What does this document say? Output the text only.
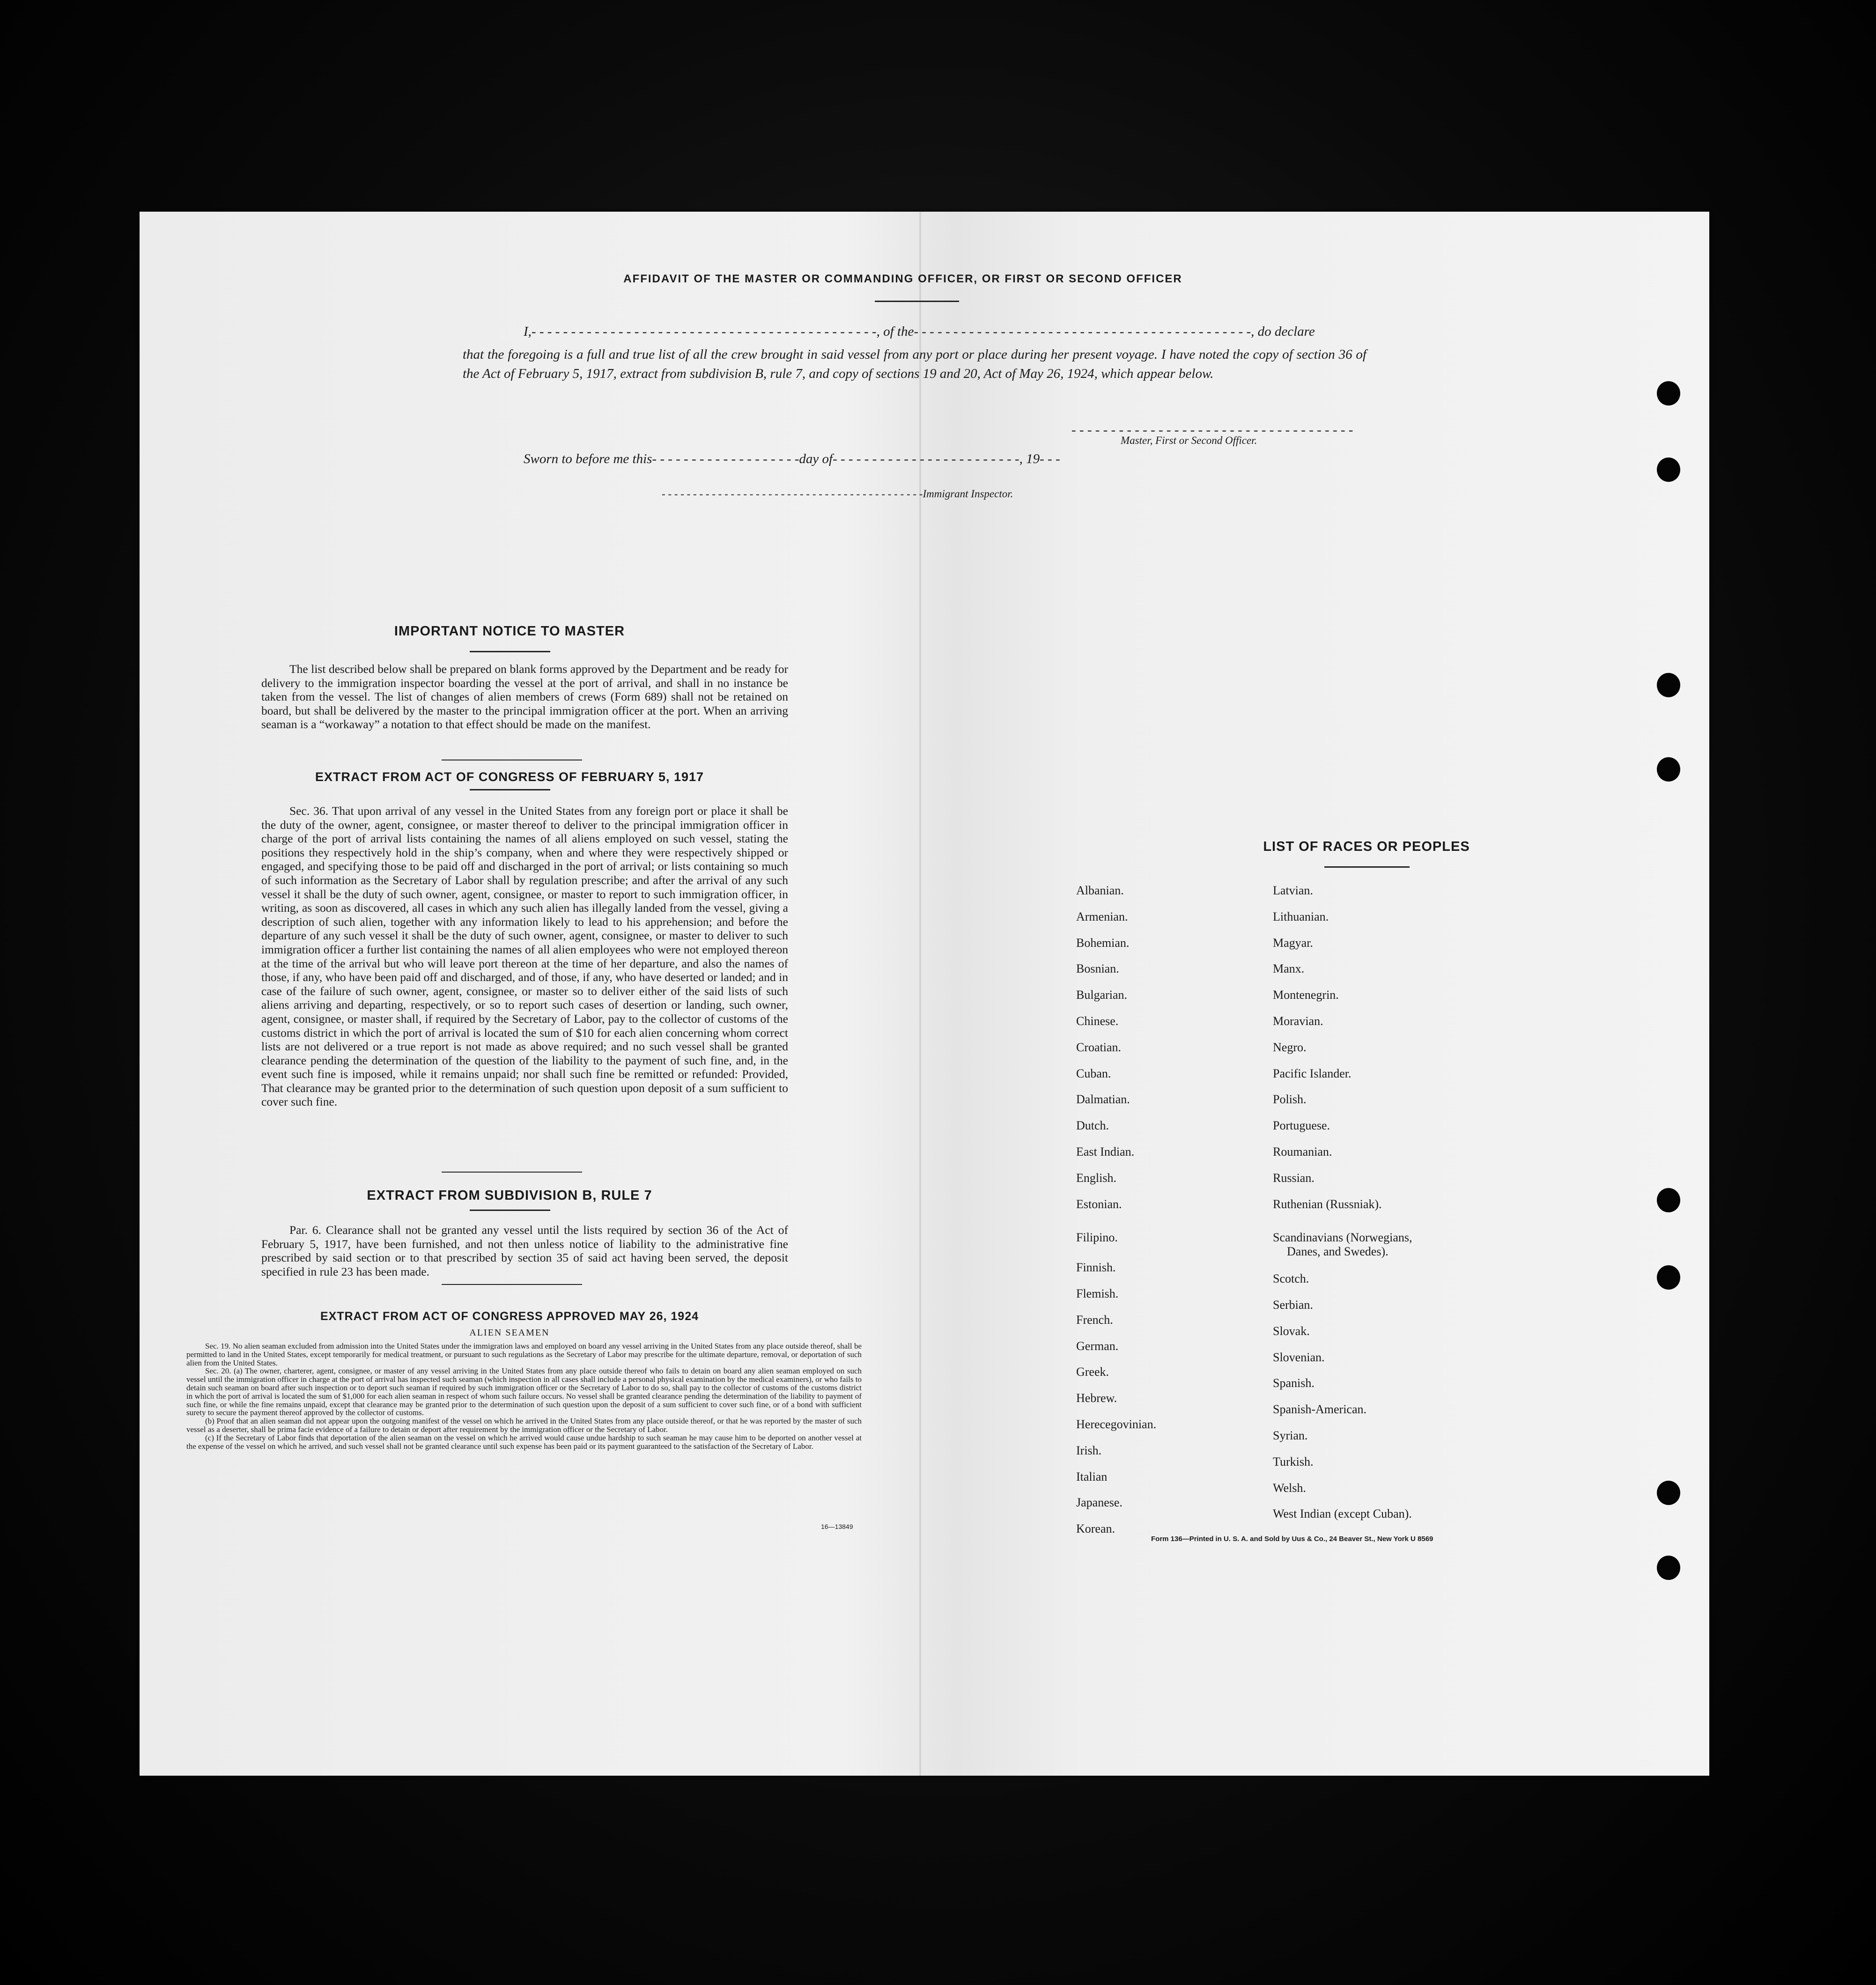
AFFIDAVIT OF THE MASTER OR COMMANDING OFFICER, OR FIRST OR SECOND OFFICER
I,- - - - - - - - - - - - - - - - - - - - - - - - - - - - - - - - - - - - - - - - - - - -, of the- - - - - - - - - - - - - - - - - - - - - - - - - - - - - - - - - - - - - - - - - - -, do declare
that the foregoing is a full and true list of all the crew brought in said vessel from any port or place during her present voyage. I have noted the copy of section 36 of the Act of February 5, 1917, extract from subdivision B, rule 7, and copy of sections 19 and 20, Act of May 26, 1924, which appear below.
- - - - - - - - - - - - - - - - - - - - - - - - - - - - - - - - - - - -
Master, First or Second Officer.
Sworn to before me this- - - - - - - - - - - - - - - - - - -day of- - - - - - - - - - - - - - - - - - - - - - - -, 19- - -
- - - - - - - - - - - - - - - - - - - - - - - - - - - - - - - - - - - - - - - - - -Immigrant Inspector.
IMPORTANT NOTICE TO MASTER

The list described below shall be prepared on blank forms approved by the Department and be ready for delivery to the immigration inspector boarding the vessel at the port of arrival, and shall in no instance be taken from the vessel. The list of changes of alien members of crews (Form 689) shall not be retained on board, but shall be delivered by the master to the principal immigration officer at the port. When an arriving seaman is a “workaway” a notation to that effect should be made on the manifest.

EXTRACT FROM ACT OF CONGRESS OF FEBRUARY 5, 1917

Sec. 36. That upon arrival of any vessel in the United States from any foreign port or place it shall be the duty of the owner, agent, consignee, or master thereof to deliver to the principal immigration officer in charge of the port of arrival lists containing the names of all aliens employed on such vessel, stating the positions they respectively hold in the ship’s company, when and where they were respectively shipped or engaged, and specifying those to be paid off and discharged in the port of arrival; or lists containing so much of such information as the Secretary of Labor shall by regulation prescribe; and after the arrival of any such vessel it shall be the duty of such owner, agent, consignee, or master to report to such immigration officer, in writing, as soon as discovered, all cases in which any such alien has illegally landed from the vessel, giving a description of such alien, together with any information likely to lead to his apprehension; and before the departure of any such vessel it shall be the duty of such owner, agent, consignee, or master to deliver to such immigration officer a further list containing the names of all alien employees who were not employed thereon at the time of the arrival but who will leave port thereon at the time of her departure, and also the names of those, if any, who have been paid off and discharged, and of those, if any, who have deserted or landed; and in case of the failure of such owner, agent, consignee, or master so to deliver either of the said lists of such aliens arriving and departing, respectively, or so to report such cases of desertion or landing, such owner, agent, consignee, or master shall, if required by the Secretary of Labor, pay to the collector of customs of the customs district in which the port of arrival is located the sum of $10 for each alien concerning whom correct lists are not delivered or a true report is not made as above required; and no such vessel shall be granted clearance pending the determination of the question of the liability to the payment of such fine, and, in the event such fine is imposed, while it remains unpaid; nor shall such fine be remitted or refunded: Provided, That clearance may be granted prior to the determination of such question upon deposit of a sum sufficient to cover such fine.

EXTRACT FROM SUBDIVISION B, RULE 7

Par. 6. Clearance shall not be granted any vessel until the lists required by section 36 of the Act of February 5, 1917, have been furnished, and not then unless notice of liability to the administrative fine prescribed by said section or to that prescribed by section 35 of said act having been served, the deposit specified in rule 23 has been made.

EXTRACT FROM ACT OF CONGRESS APPROVED MAY 26, 1924
ALIEN SEAMEN

Sec. 19. No alien seaman excluded from admission into the United States under the immigration laws and employed on board any vessel arriving in the United States from any place outside thereof, shall be permitted to land in the United States, except temporarily for medical treatment, or pursuant to such regulations as the Secretary of Labor may prescribe for the ultimate departure, removal, or deportation of such alien from the United States.

Sec. 20. (a) The owner, charterer, agent, consignee, or master of any vessel arriving in the United States from any place outside thereof who fails to detain on board any alien seaman employed on such vessel until the immigration officer in charge at the port of arrival has inspected such seaman (which inspection in all cases shall include a personal physical examination by the medical examiners), or who fails to detain such seaman on board after such inspection or to deport such seaman if required by such immigration officer or the Secretary of Labor to do so, shall pay to the collector of customs of the customs district in which the port of arrival is located the sum of $1,000 for each alien seaman in respect of whom such failure occurs. No vessel shall be granted clearance pending the determination of the liability to payment of such fine, or while the fine remains unpaid, except that clearance may be granted prior to the determination of such question upon the deposit of a sum sufficient to cover such fine, or of a bond with sufficient surety to secure the payment thereof approved by the collector of customs.

(b) Proof that an alien seaman did not appear upon the outgoing manifest of the vessel on which he arrived in the United States from any place outside thereof, or that he was reported by the master of such vessel as a deserter, shall be prima facie evidence of a failure to detain or deport after requirement by the immigration officer or the Secretary of Labor.

(c) If the Secretary of Labor finds that deportation of the alien seaman on the vessel on which he arrived would cause undue hardship to such seaman he may cause him to be deported on another vessel at the expense of the vessel on which he arrived, and such vessel shall not be granted clearance until such expense has been paid or its payment guaranteed to the satisfaction of the Secretary of Labor.

16—13849
LIST OF RACES OR PEOPLES
Albanian.
Armenian.
Bohemian.
Bosnian.
Bulgarian.
Chinese.
Croatian.
Cuban.
Dalmatian.
Dutch.
East Indian.
English.
Estonian.
Filipino.
Finnish.
Flemish.
French.
German.
Greek.
Hebrew.
Herecegovinian.
Irish.
Italian
Japanese.
Korean.
Latvian.
Lithuanian.
Magyar.
Manx.
Montenegrin.
Moravian.
Negro.
Pacific Islander.
Polish.
Portuguese.
Roumanian.
Russian.
Ruthenian (Russniak).
Scandinavians (Norwegians,
Danes, and Swedes).
Scotch.
Serbian.
Slovak.
Slovenian.
Spanish.
Spanish-American.
Syrian.
Turkish.
Welsh.
West Indian (except Cuban).
Form 136—Printed in U. S. A. and Sold by Uus & Co., 24 Beaver St., New York U 8569
